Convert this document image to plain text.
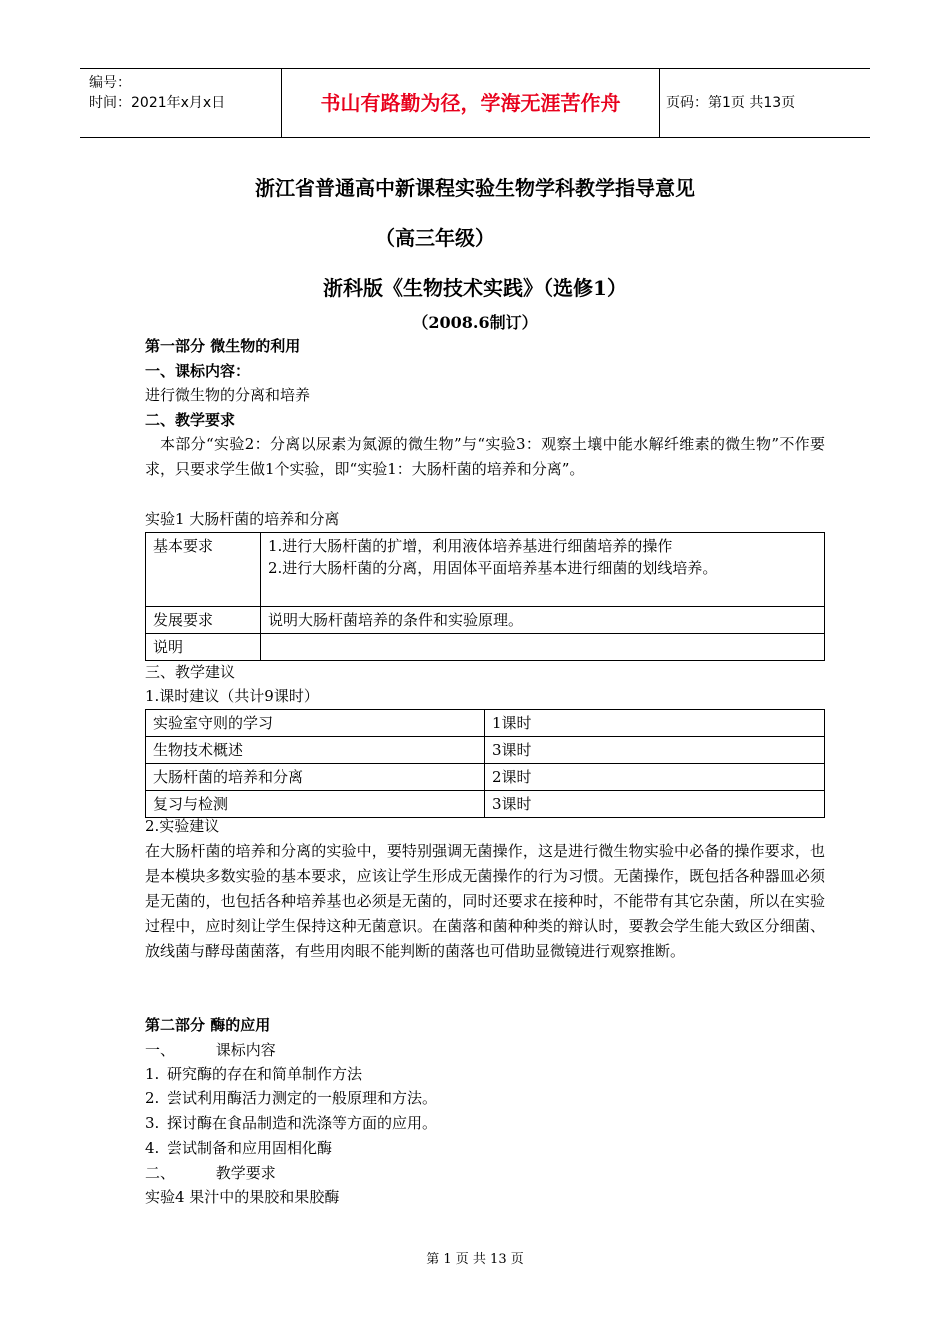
编号：
时间：2021年x月x日	书山有路勤为径，学海无涯苦作舟	页码：第1页 共13页
浙江省普通高中新课程实验生物学科教学指导意见
（高三年级）
浙科版《生物技术实践》（选修1）
（2008.6制订）
第一部分 微生物的利用
一、课标内容：
进行微生物的分离和培养
二、教学要求
本部分“实验2：分离以尿素为氮源的微生物”与“实验3：观察土壤中能水解纤维素的微生物”不作要求，只要求学生做1个实验，即“实验1：大肠杆菌的培养和分离”。
实验1 大肠杆菌的培养和分离
基本要求	1.进行大肠杆菌的扩增，利用液体培养基进行细菌培养的操作
2.进行大肠杆菌的分离，用固体平面培养基本进行细菌的划线培养。

发展要求	说明大肠杆菌培养的条件和实验原理。
说明	
三、教学建议
1.课时建议（共计9课时）
实验室守则的学习	1课时
生物技术概述	3课时
大肠杆菌的培养和分离	2课时
复习与检测	3课时
2.实验建议
在大肠杆菌的培养和分离的实验中，要特别强调无菌操作，这是进行微生物实验中必备的操作要求，也是本模块多数实验的基本要求，应该让学生形成无菌操作的行为习惯。无菌操作，既包括各种器皿必须是无菌的，也包括各种培养基也必须是无菌的，同时还要求在接种时，不能带有其它杂菌，所以在实验过程中，应时刻让学生保持这种无菌意识。在菌落和菌种种类的辩认时，要教会学生能大致区分细菌、放线菌与酵母菌菌落，有些用肉眼不能判断的菌落也可借助显微镜进行观察推断。
第二部分 酶的应用
一、	课标内容
1. 研究酶的存在和简单制作方法
2. 尝试利用酶活力测定的一般原理和方法。
3. 探讨酶在食品制造和洗涤等方面的应用。
4. 尝试制备和应用固相化酶
二、	教学要求
实验4 果汁中的果胶和果胶酶
第 1 页 共 13 页
